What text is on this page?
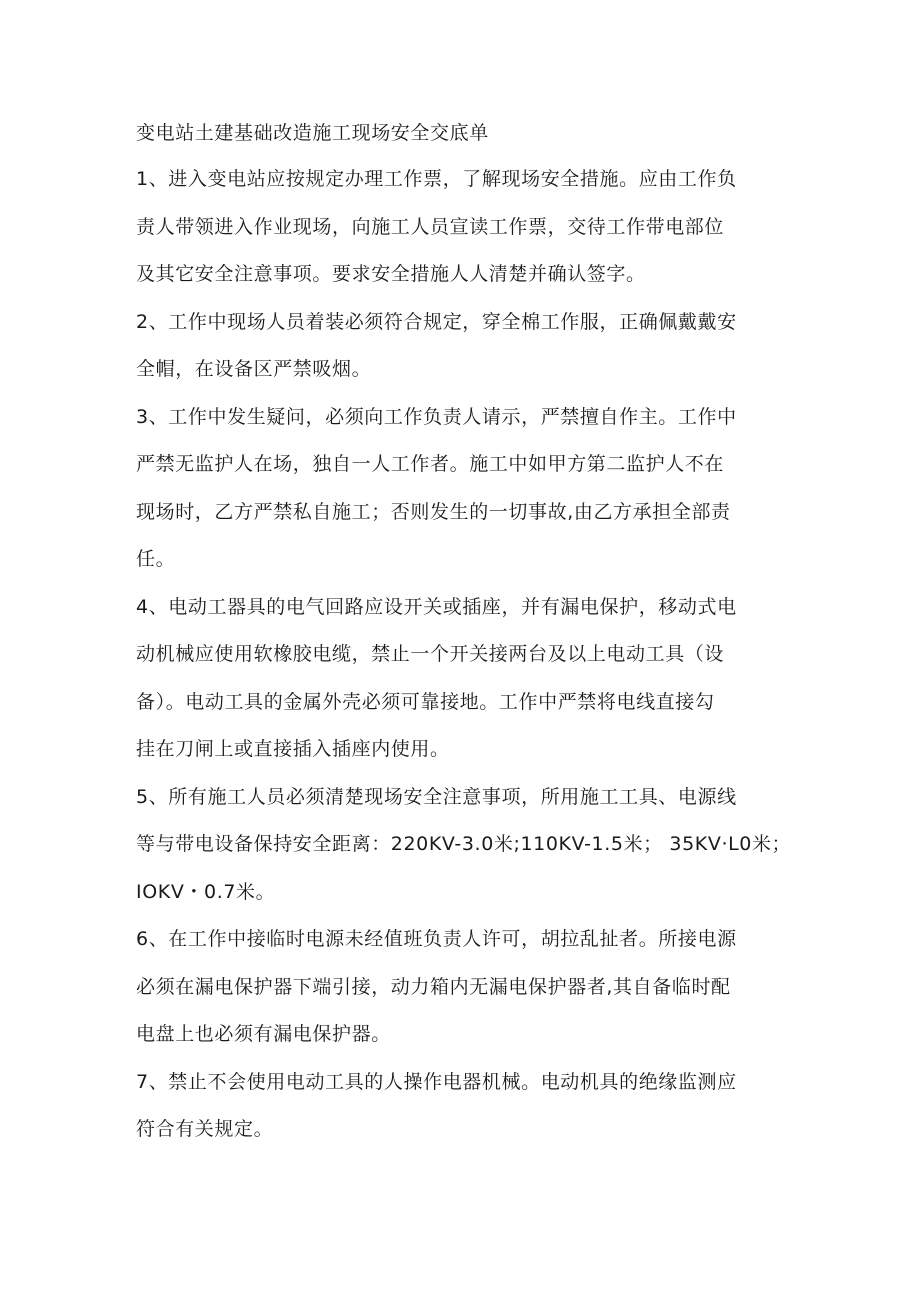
变电站土建基础改造施工现场安全交底单

1、进入变电站应按规定办理工作票，了解现场安全措施。应由工作负
责人带领进入作业现场，向施工人员宣读工作票，交待工作带电部位
及其它安全注意事项。要求安全措施人人清楚并确认签字。

2、工作中现场人员着装必须符合规定，穿全棉工作服，正确佩戴戴安
全帽，在设备区严禁吸烟。

3、工作中发生疑问，必须向工作负责人请示，严禁擅自作主。工作中
严禁无监护人在场，独自一人工作者。施工中如甲方第二监护人不在
现场时，乙方严禁私自施工；否则发生的一切事故,由乙方承担全部责
任。

4、电动工器具的电气回路应设开关或插座，并有漏电保护，移动式电
动机械应使用软橡胶电缆，禁止一个开关接两台及以上电动工具（设
备）。电动工具的金属外壳必须可靠接地。工作中严禁将电线直接勾
挂在刀闸上或直接插入插座内使用。

5、所有施工人员必须清楚现场安全注意事项，所用施工工具、电源线
等与带电设备保持安全距离：220KV-3.0米;110KV-1.5米； 35KV·L0米；
IOKV・0.7米。

6、在工作中接临时电源未经值班负责人许可，胡拉乱扯者。所接电源
必须在漏电保护器下端引接，动力箱内无漏电保护器者,其自备临时配
电盘上也必须有漏电保护器。

7、禁止不会使用电动工具的人操作电器机械。电动机具的绝缘监测应
符合有关规定。
